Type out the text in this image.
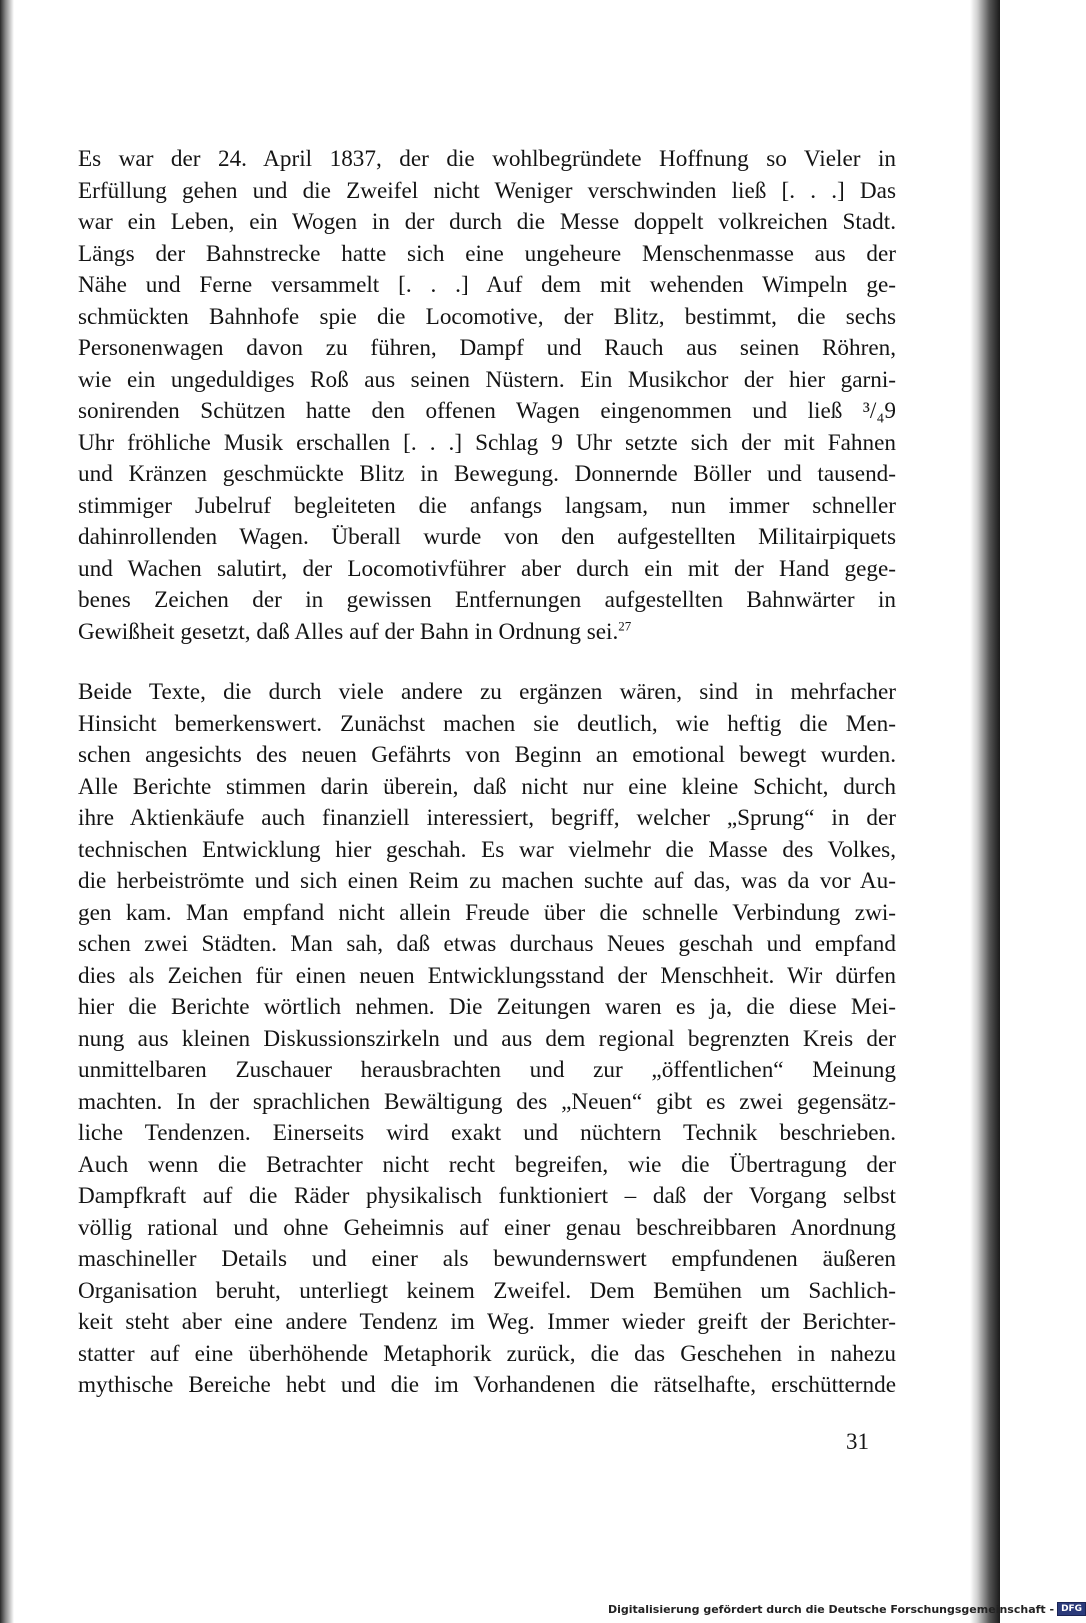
Es war der 24. April 1837, der die wohlbegründete Hoffnung so Vieler in
Erfüllung gehen und die Zweifel nicht Weniger verschwinden ließ [. . .] Das
war ein Leben, ein Wogen in der durch die Messe doppelt volkreichen Stadt.
Längs der Bahnstrecke hatte sich eine ungeheure Menschenmasse aus der
Nähe und Ferne versammelt [. . .] Auf dem mit wehenden Wimpeln ge-
schmückten Bahnhofe spie die Locomotive, der Blitz, bestimmt, die sechs
Personenwagen davon zu führen, Dampf und Rauch aus seinen Röhren,
wie ein ungeduldiges Roß aus seinen Nüstern. Ein Musikchor der hier garni-
sonirenden Schützen hatte den offenen Wagen eingenommen und ließ ³/₄9
Uhr fröhliche Musik erschallen [. . .] Schlag 9 Uhr setzte sich der mit Fahnen
und Kränzen geschmückte Blitz in Bewegung. Donnernde Böller und tausend-
stimmiger Jubelruf begleiteten die anfangs langsam, nun immer schneller
dahinrollenden Wagen. Überall wurde von den aufgestellten Militairpiquets
und Wachen salutirt, der Locomotivführer aber durch ein mit der Hand gege-
benes Zeichen der in gewissen Entfernungen aufgestellten Bahnwärter in
Gewißheit gesetzt, daß Alles auf der Bahn in Ordnung sei.$^{27}$
Beide Texte, die durch viele andere zu ergänzen wären, sind in mehrfacher
Hinsicht bemerkenswert. Zunächst machen sie deutlich, wie heftig die Men-
schen angesichts des neuen Gefährts von Beginn an emotional bewegt wurden.
Alle Berichte stimmen darin überein, daß nicht nur eine kleine Schicht, durch
ihre Aktienkäufe auch finanziell interessiert, begriff, welcher „Sprung“ in der
technischen Entwicklung hier geschah. Es war vielmehr die Masse des Volkes,
die herbeiströmte und sich einen Reim zu machen suchte auf das, was da vor Au-
gen kam. Man empfand nicht allein Freude über die schnelle Verbindung zwi-
schen zwei Städten. Man sah, daß etwas durchaus Neues geschah und empfand
dies als Zeichen für einen neuen Entwicklungsstand der Menschheit. Wir dürfen
hier die Berichte wörtlich nehmen. Die Zeitungen waren es ja, die diese Mei-
nung aus kleinen Diskussionszirkeln und aus dem regional begrenzten Kreis der
unmittelbaren Zuschauer herausbrachten und zur „öffentlichen“ Meinung
machten. In der sprachlichen Bewältigung des „Neuen“ gibt es zwei gegensätz-
liche Tendenzen. Einerseits wird exakt und nüchtern Technik beschrieben.
Auch wenn die Betrachter nicht recht begreifen, wie die Übertragung der
Dampfkraft auf die Räder physikalisch funktioniert – daß der Vorgang selbst
völlig rational und ohne Geheimnis auf einer genau beschreibbaren Anordnung
maschineller Details und einer als bewundernswert empfundenen äußeren
Organisation beruht, unterliegt keinem Zweifel. Dem Bemühen um Sachlich-
keit steht aber eine andere Tendenz im Weg. Immer wieder greift der Berichter-
statter auf eine überhöhende Metaphorik zurück, die das Geschehen in nahezu
mythische Bereiche hebt und die im Vorhandenen die rätselhafte, erschütternde
31
Digitalisierung gefördert durch die Deutsche Forschungsgemeinschaft - DFG
